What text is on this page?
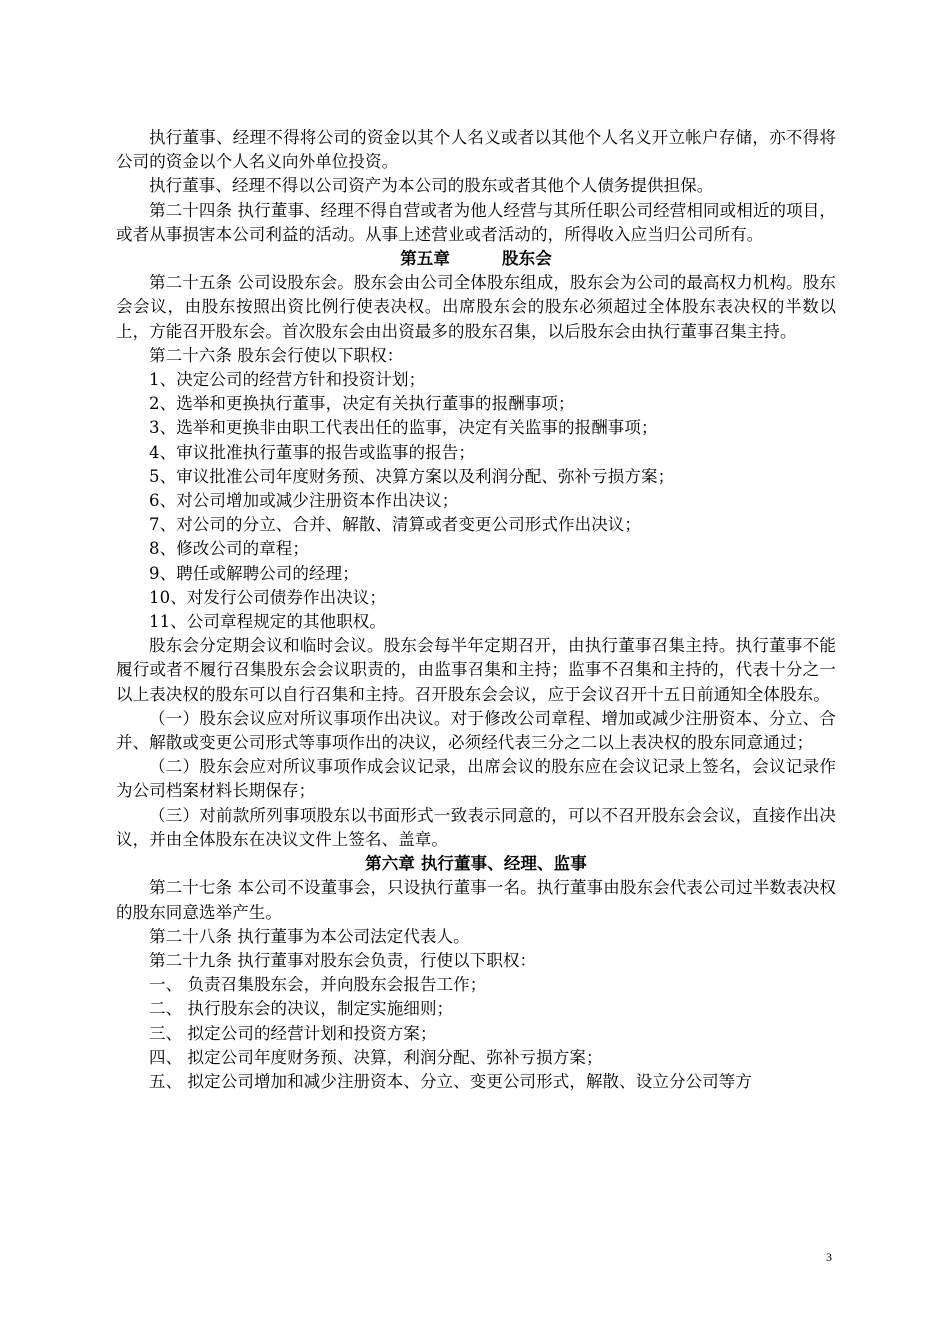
执行董事、经理不得将公司的资金以其个人名义或者以其他个人名义开立帐户存储，亦不得将公司的资金以个人名义向外单位投资。

执行董事、经理不得以公司资产为本公司的股东或者其他个人债务提供担保。

第二十四条 执行董事、经理不得自营或者为他人经营与其所任职公司经营相同或相近的项目，或者从事损害本公司利益的活动。从事上述营业或者活动的，所得收入应当归公司所有。

第五章	股东会

第二十五条 公司设股东会。股东会由公司全体股东组成，股东会为公司的最高权力机构。股东会会议，由股东按照出资比例行使表决权。出席股东会的股东必须超过全体股东表决权的半数以上，方能召开股东会。首次股东会由出资最多的股东召集，以后股东会由执行董事召集主持。

第二十六条 股东会行使以下职权：

1、决定公司的经营方针和投资计划；

2、选举和更换执行董事，决定有关执行董事的报酬事项；

3、选举和更换非由职工代表出任的监事，决定有关监事的报酬事项；

4、审议批准执行董事的报告或监事的报告；

5、审议批准公司年度财务预、决算方案以及利润分配、弥补亏损方案；

6、对公司增加或减少注册资本作出决议；

7、对公司的分立、合并、解散、清算或者变更公司形式作出决议；

8、修改公司的章程；

9、聘任或解聘公司的经理；

10、对发行公司债券作出决议；

11、公司章程规定的其他职权。

股东会分定期会议和临时会议。股东会每半年定期召开，由执行董事召集主持。执行董事不能履行或者不履行召集股东会会议职责的，由监事召集和主持；监事不召集和主持的，代表十分之一以上表决权的股东可以自行召集和主持。召开股东会会议，应于会议召开十五日前通知全体股东。

（一）股东会议应对所议事项作出决议。对于修改公司章程、增加或减少注册资本、分立、合并、解散或变更公司形式等事项作出的决议，必须经代表三分之二以上表决权的股东同意通过；

（二）股东会应对所议事项作成会议记录，出席会议的股东应在会议记录上签名，会议记录作为公司档案材料长期保存；

（三）对前款所列事项股东以书面形式一致表示同意的，可以不召开股东会会议，直接作出决议，并由全体股东在决议文件上签名、盖章。

第六章 执行董事、经理、监事

第二十七条 本公司不设董事会，只设执行董事一名。执行董事由股东会代表公司过半数表决权的股东同意选举产生。

第二十八条 执行董事为本公司法定代表人。

第二十九条 执行董事对股东会负责，行使以下职权：

一、 负责召集股东会，并向股东会报告工作；

二、 执行股东会的决议，制定实施细则；

三、 拟定公司的经营计划和投资方案；

四、 拟定公司年度财务预、决算，利润分配、弥补亏损方案；

五、 拟定公司增加和减少注册资本、分立、变更公司形式，解散、设立分公司等方

3
